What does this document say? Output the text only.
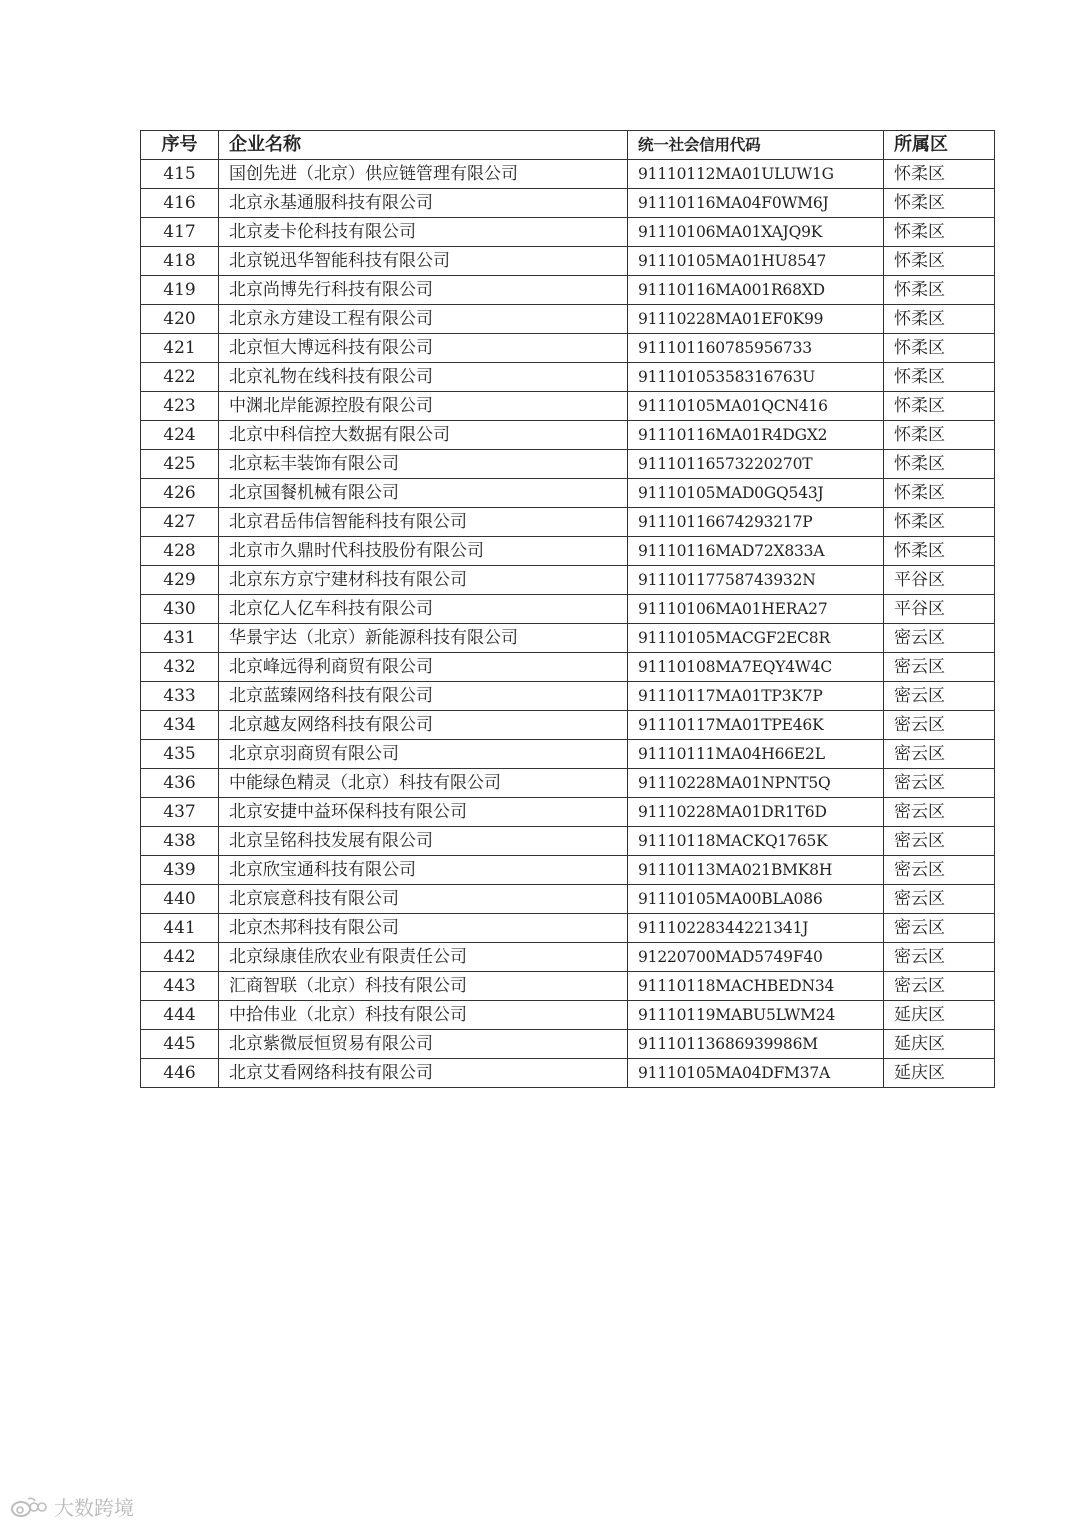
序号	企业名称	统一社会信用代码	所属区
415	国创先进（北京）供应链管理有限公司	91110112MA01ULUW1G	怀柔区
416	北京永基通服科技有限公司	91110116MA04F0WM6J	怀柔区
417	北京麦卡伦科技有限公司	91110106MA01XAJQ9K	怀柔区
418	北京锐迅华智能科技有限公司	91110105MA01HU8547	怀柔区
419	北京尚博先行科技有限公司	91110116MA001R68XD	怀柔区
420	北京永方建设工程有限公司	91110228MA01EF0K99	怀柔区
421	北京恒大博远科技有限公司	911101160785956733	怀柔区
422	北京礼物在线科技有限公司	91110105358316763U	怀柔区
423	中渊北岸能源控股有限公司	91110105MA01QCN416	怀柔区
424	北京中科信控大数据有限公司	91110116MA01R4DGX2	怀柔区
425	北京耘丰装饰有限公司	91110116573220270T	怀柔区
426	北京国餐机械有限公司	91110105MAD0GQ543J	怀柔区
427	北京君岳伟信智能科技有限公司	91110116674293217P	怀柔区
428	北京市久鼎时代科技股份有限公司	91110116MAD72X833A	怀柔区
429	北京东方京宁建材科技有限公司	91110117758743932N	平谷区
430	北京亿人亿车科技有限公司	91110106MA01HERA27	平谷区
431	华景宇达（北京）新能源科技有限公司	91110105MACGF2EC8R	密云区
432	北京峰远得利商贸有限公司	91110108MA7EQY4W4C	密云区
433	北京蓝臻网络科技有限公司	91110117MA01TP3K7P	密云区
434	北京越友网络科技有限公司	91110117MA01TPE46K	密云区
435	北京京羽商贸有限公司	91110111MA04H66E2L	密云区
436	中能绿色精灵（北京）科技有限公司	91110228MA01NPNT5Q	密云区
437	北京安捷中益环保科技有限公司	91110228MA01DR1T6D	密云区
438	北京呈铭科技发展有限公司	91110118MACKQ1765K	密云区
439	北京欣宝通科技有限公司	91110113MA021BMK8H	密云区
440	北京宸意科技有限公司	91110105MA00BLA086	密云区
441	北京杰邦科技有限公司	91110228344221341J	密云区
442	北京绿康佳欣农业有限责任公司	91220700MAD5749F40	密云区
443	汇商智联（北京）科技有限公司	91110118MACHBEDN34	密云区
444	中拾伟业（北京）科技有限公司	91110119MABU5LWM24	延庆区
445	北京紫微辰恒贸易有限公司	91110113686939986M	延庆区
446	北京艾看网络科技有限公司	91110105MA04DFM37A	延庆区
大数跨境
